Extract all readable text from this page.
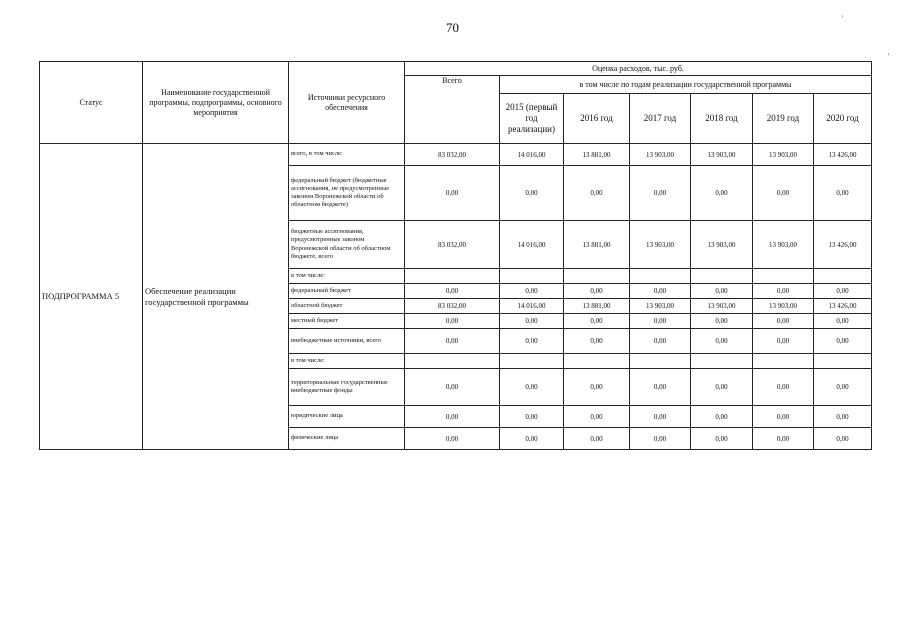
70
'
'
Статус	Наименование государственной программы, подпрограммы, основного мероприятия	Источники ресурсного обеспечения	Оценка расходов, тыс. руб.						
			Всего	в том числе по годам реализации государственной программы					
				2015 (первый год реализации)	2016 год	2017 год	2018 год	2019 год	2020 год
ПОДПРОГРАММА 5	Обеспечение реализации государственной программы	всего, в том числе:	83 032,00	14 016,00	13 881,00	13 903,00	13 903,00	13 903,00	13 426,00
		федеральный бюджет (бюджетные ассигнования, не предусмотренные законом Воронежской области об областном бюджете)	0,00	0,00	0,00	0,00	0,00	0,00	0,00
		бюджетные ассигнования, предусмотренные законом Воронежской области об областном бюджете, всего	83 032,00	14 016,00	13 881,00	13 903,00	13 903,00	13 903,00	13 426,00
		в том числе:							
		федеральный бюджет	0,00	0,00	0,00	0,00	0,00	0,00	0,00
		областной бюджет	83 032,00	14 016,00	13 881,00	13 903,00	13 903,00	13 903,00	13 426,00
		местный бюджет	0,00	0,00	0,00	0,00	0,00	0,00	0,00
		внебюджетные источники, всего	0,00	0,00	0,00	0,00	0,00	0,00	0,00
		в том числе:							
		территориальные государственные внебюджетные фонды	0,00	0,00	0,00	0,00	0,00	0,00	0,00
		юридические лица	0,00	0,00	0,00	0,00	0,00	0,00	0,00
		физические лица	0,00	0,00	0,00	0,00	0,00	0,00	0,00
